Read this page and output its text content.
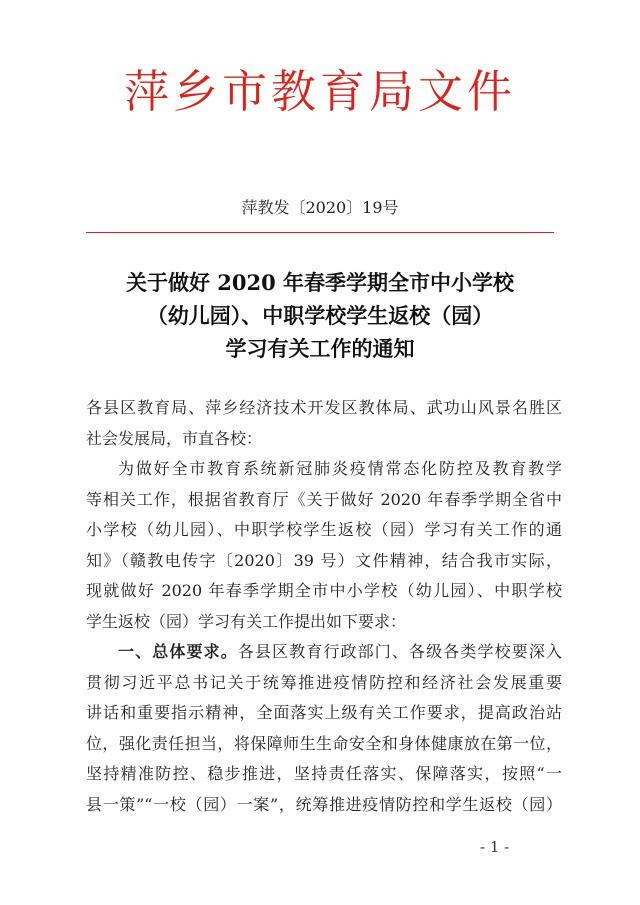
萍乡市教育局文件
萍教发〔2020〕19号
关于做好 2020 年春季学期全市中小学校
（幼儿园）、中职学校学生返校（园）
学习有关工作的通知
各县区教育局、萍乡经济技术开发区教体局、武功山风景名胜区
社会发展局，市直各校：
为做好全市教育系统新冠肺炎疫情常态化防控及教育教学
等相关工作，根据省教育厅《关于做好 2020 年春季学期全省中
小学校（幼儿园）、中职学校学生返校（园）学习有关工作的通
知》（赣教电传字〔2020〕39 号）文件精神，结合我市实际，
现就做好 2020 年春季学期全市中小学校（幼儿园）、中职学校
学生返校（园）学习有关工作提出如下要求：
一、总体要求。各县区教育行政部门、各级各类学校要深入
贯彻习近平总书记关于统筹推进疫情防控和经济社会发展重要
讲话和重要指示精神，全面落实上级有关工作要求，提高政治站
位，强化责任担当，将保障师生生命安全和身体健康放在第一位，
坚持精准防控、稳步推进，坚持责任落实、保障落实，按照“一
县一策”“一校（园）一案”，统筹推进疫情防控和学生返校（园）
- 1 -
